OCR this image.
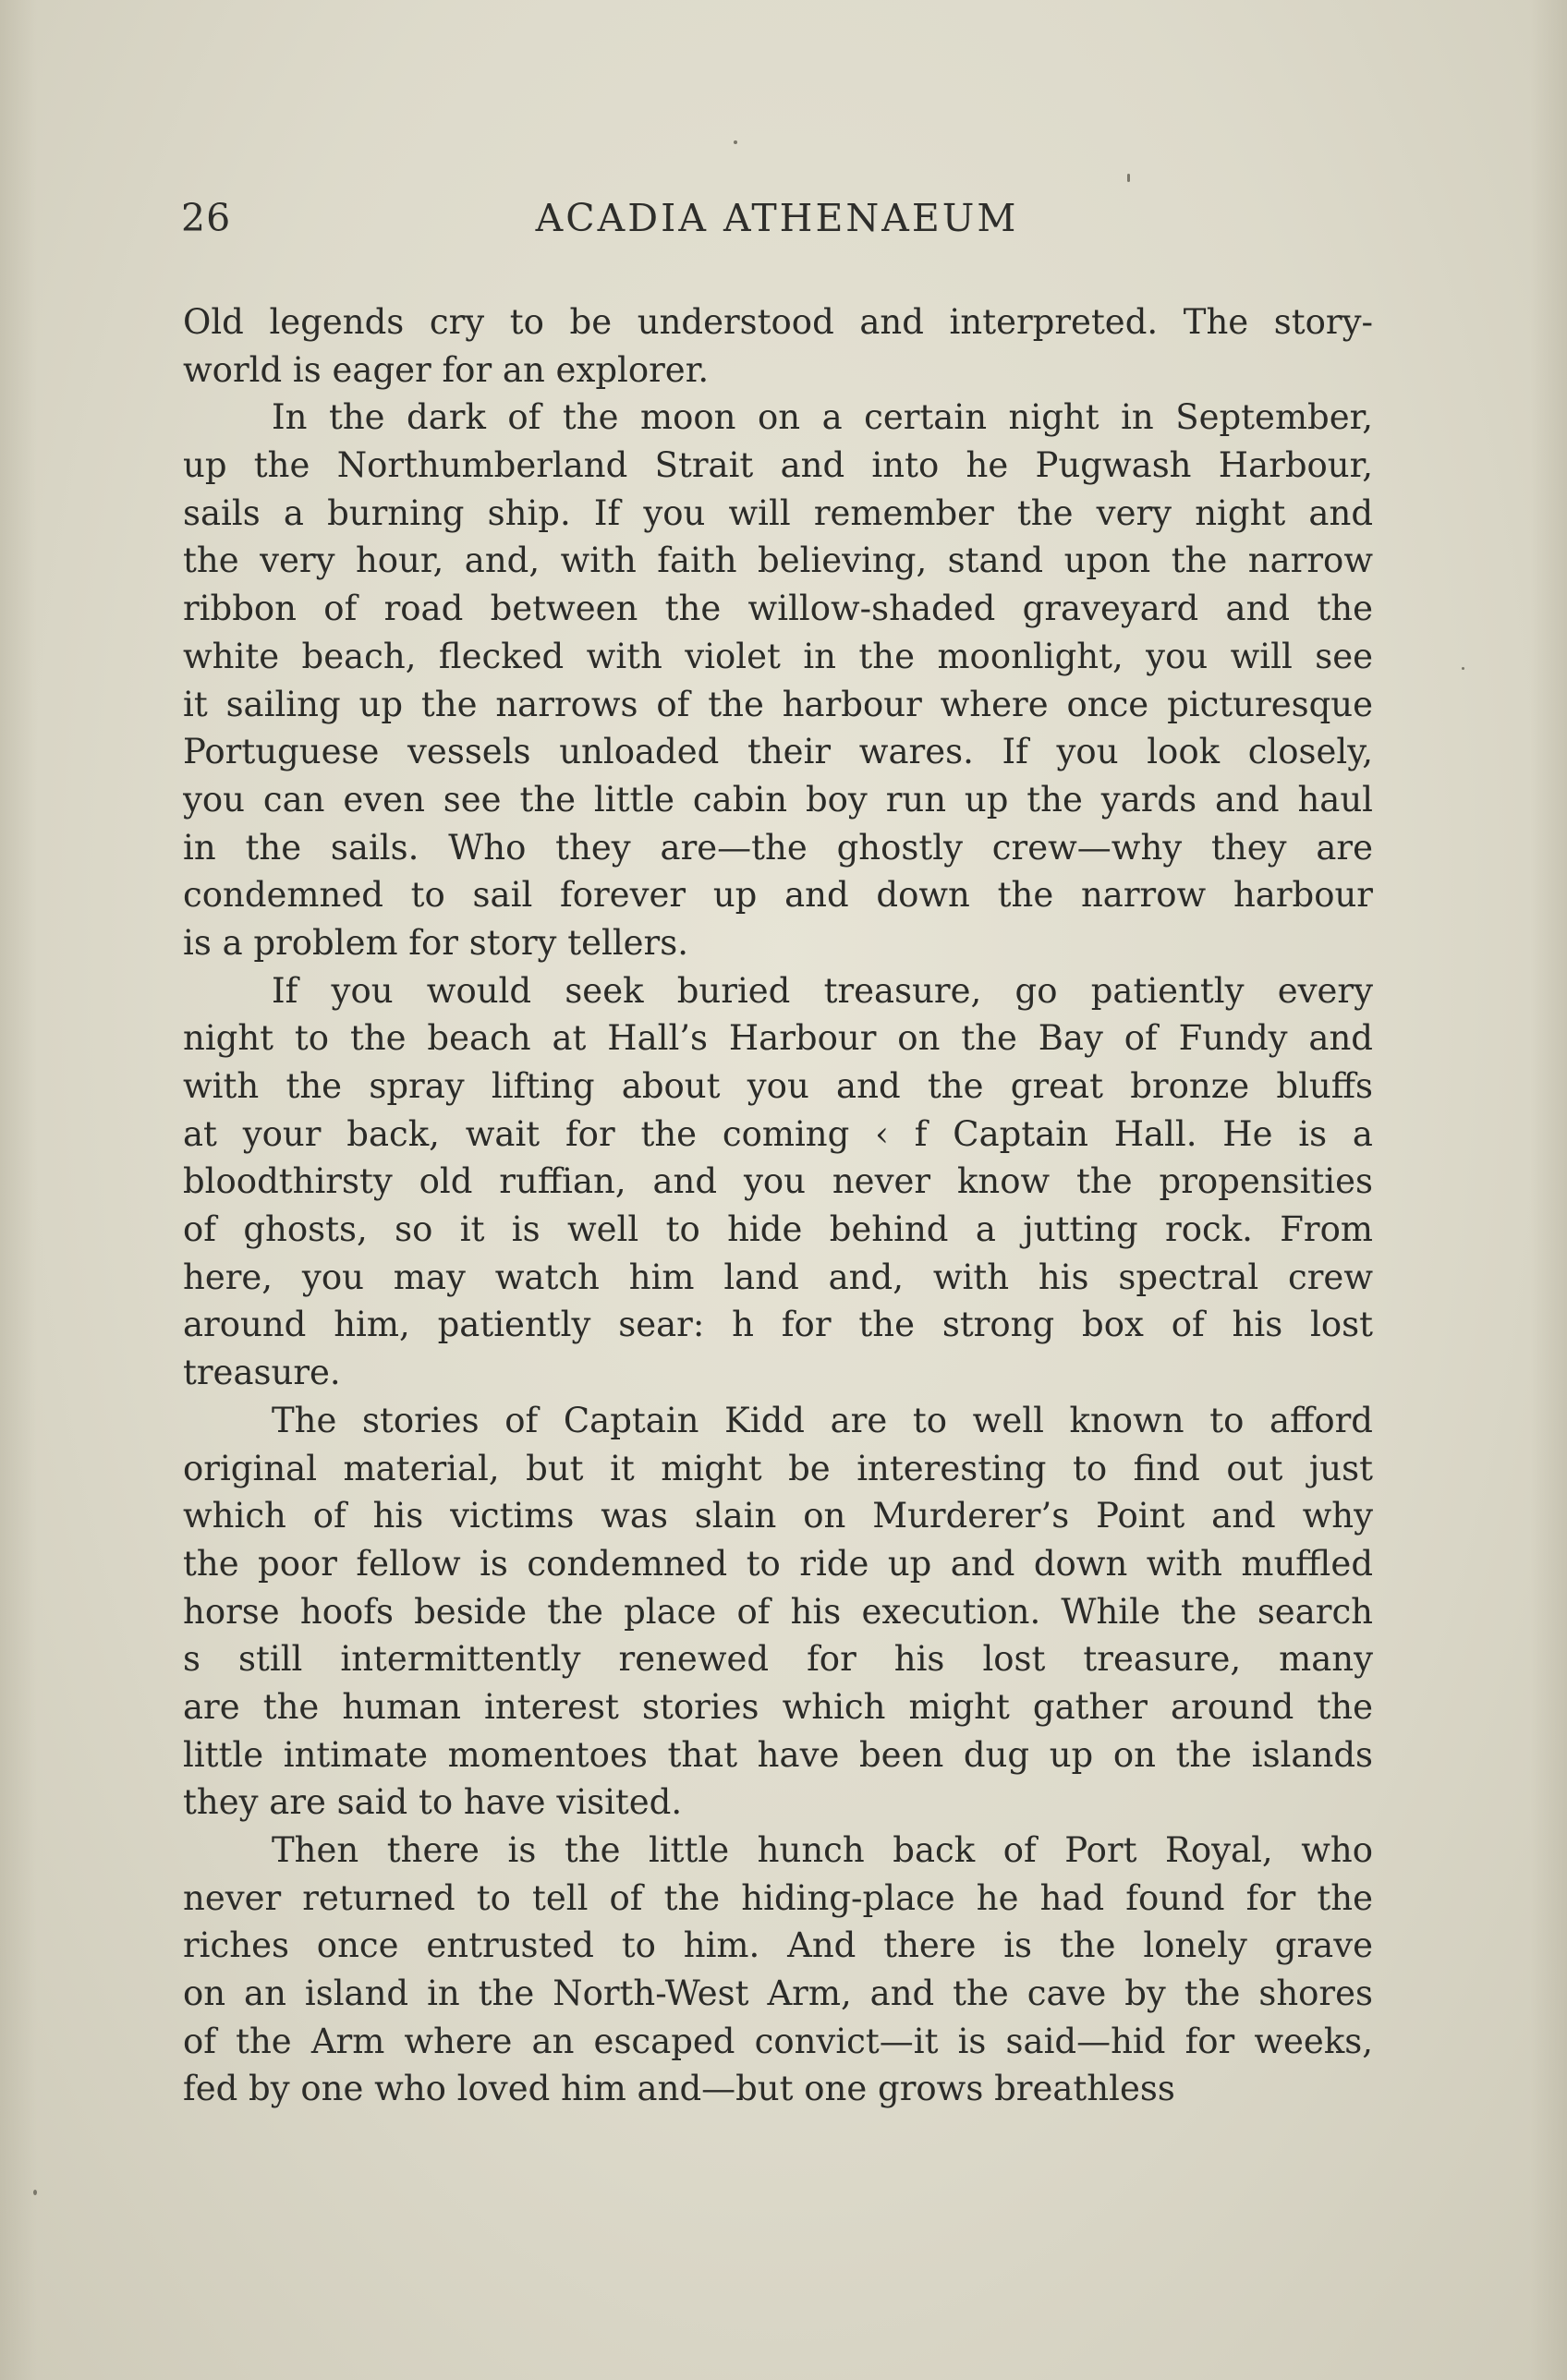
26	ACADIA ATHENAEUM
Old legends cry to be understood and interpreted. The story-
world is eager for an explorer.
In the dark of the moon on a certain night in September,
up the Northumberland Strait and into he Pugwash Harbour,
sails a burning ship. If you will remember the very night and
the very hour, and, with faith believing, stand upon the narrow
ribbon of road between the willow-shaded graveyard and the
white beach, flecked with violet in the moonlight, you will see
it sailing up the narrows of the harbour where once picturesque
Portuguese vessels unloaded their wares. If you look closely,
you can even see the little cabin boy run up the yards and haul
in the sails. Who they are—the ghostly crew—why they are
condemned to sail forever up and down the narrow harbour
is a problem for story tellers.
If you would seek buried treasure, go patiently every
night to the beach at Hall’s Harbour on the Bay of Fundy and
with the spray lifting about you and the great bronze bluffs
at your back, wait for the coming ‹ f Captain Hall. He is a
bloodthirsty old ruffian, and you never know the propensities
of ghosts, so it is well to hide behind a jutting rock. From
here, you may watch him land and, with his spectral crew
around him, patiently sear: h for the strong box of his lost
treasure.
The stories of Captain Kidd are to well known to afford
original material, but it might be interesting to find out just
which of his victims was slain on Murderer’s Point and why
the poor fellow is condemned to ride up and down with muffled
horse hoofs beside the place of his execution. While the search
s still intermittently renewed for his lost treasure, many
are the human interest stories which might gather around the
little intimate momentoes that have been dug up on the islands
they are said to have visited.
Then there is the little hunch back of Port Royal, who
never returned to tell of the hiding-place he had found for the
riches once entrusted to him. And there is the lonely grave
on an island in the North-West Arm, and the cave by the shores
of the Arm where an escaped convict—it is said—hid for weeks,
fed by one who loved him and—but one grows breathless
